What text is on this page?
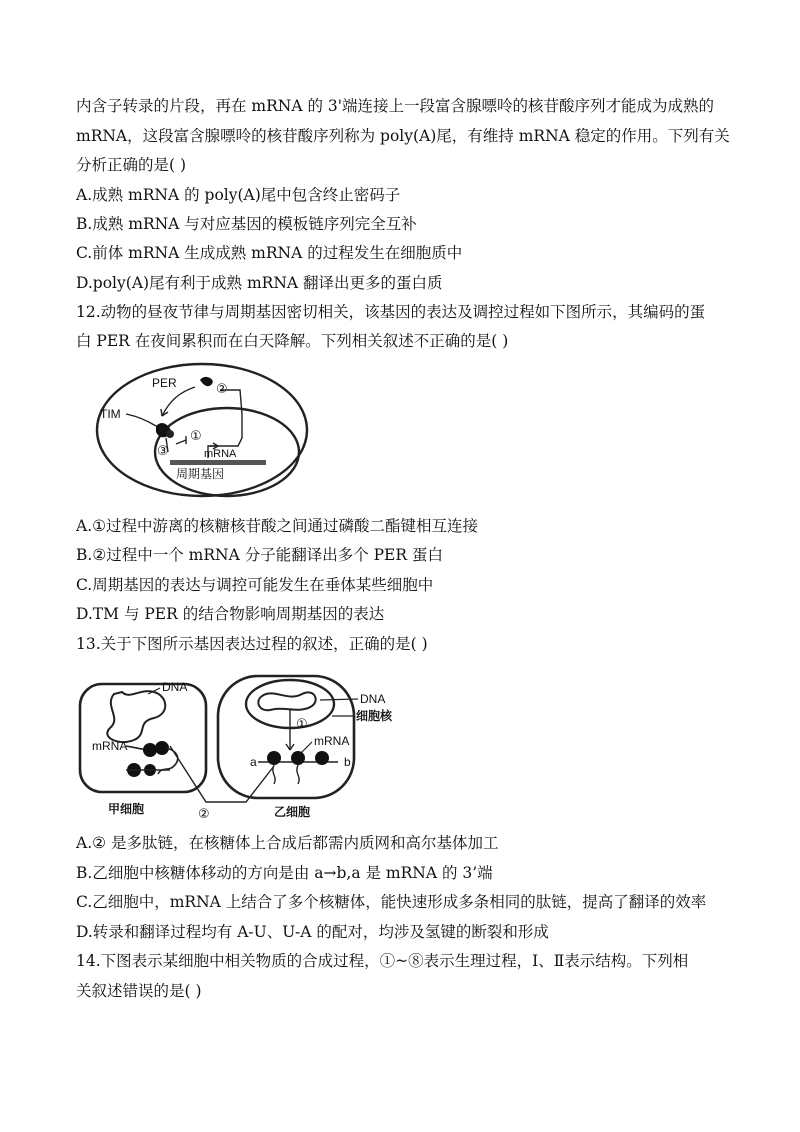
内含子转录的片段，再在 mRNA 的 3'端连接上一段富含腺嘌呤的核苷酸序列才能成为成熟的
mRNA，这段富含腺嘌呤的核苷酸序列称为 poly(A)尾，有维持 mRNA 稳定的作用。下列有关
分析正确的是( )
A.成熟 mRNA 的 poly(A)尾中包含终止密码子
B.成熟 mRNA 与对应基因的模板链序列完全互补
C.前体 mRNA 生成成熟 mRNA 的过程发生在细胞质中
D.poly(A)尾有利于成熟 mRNA 翻译出更多的蛋白质
12.动物的昼夜节律与周期基因密切相关，该基因的表达及调控过程如下图所示，其编码的蛋
白 PER 在夜间累积而在白天降解。下列相关叙述不正确的是( )
PER	②
TIM
③
①
mRNA
周期基因
A.①过程中游离的核糖核苷酸之间通过磷酸二酯键相互连接
B.②过程中一个 mRNA 分子能翻译出多个 PER 蛋白
C.周期基因的表达与调控可能发生在垂体某些细胞中
D.TM 与 PER 的结合物影响周期基因的表达
13.关于下图所示基因表达过程的叙述，正确的是( )
DNA
mRNA
甲细胞	②
DNA
细胞核
①
mRNA
a	b
乙细胞
A.② 是多肽链，在核糖体上合成后都需内质网和高尔基体加工
B.乙细胞中核糖体移动的方向是由 a→b,a 是 mRNA 的 3’端
C.乙细胞中，mRNA 上结合了多个核糖体，能快速形成多条相同的肽链，提高了翻译的效率
D.转录和翻译过程均有 A-U、U-A 的配对，均涉及氢键的断裂和形成
14.下图表示某细胞中相关物质的合成过程，①~⑧表示生理过程，Ⅰ、Ⅱ表示结构。下列相
关叙述错误的是( )
